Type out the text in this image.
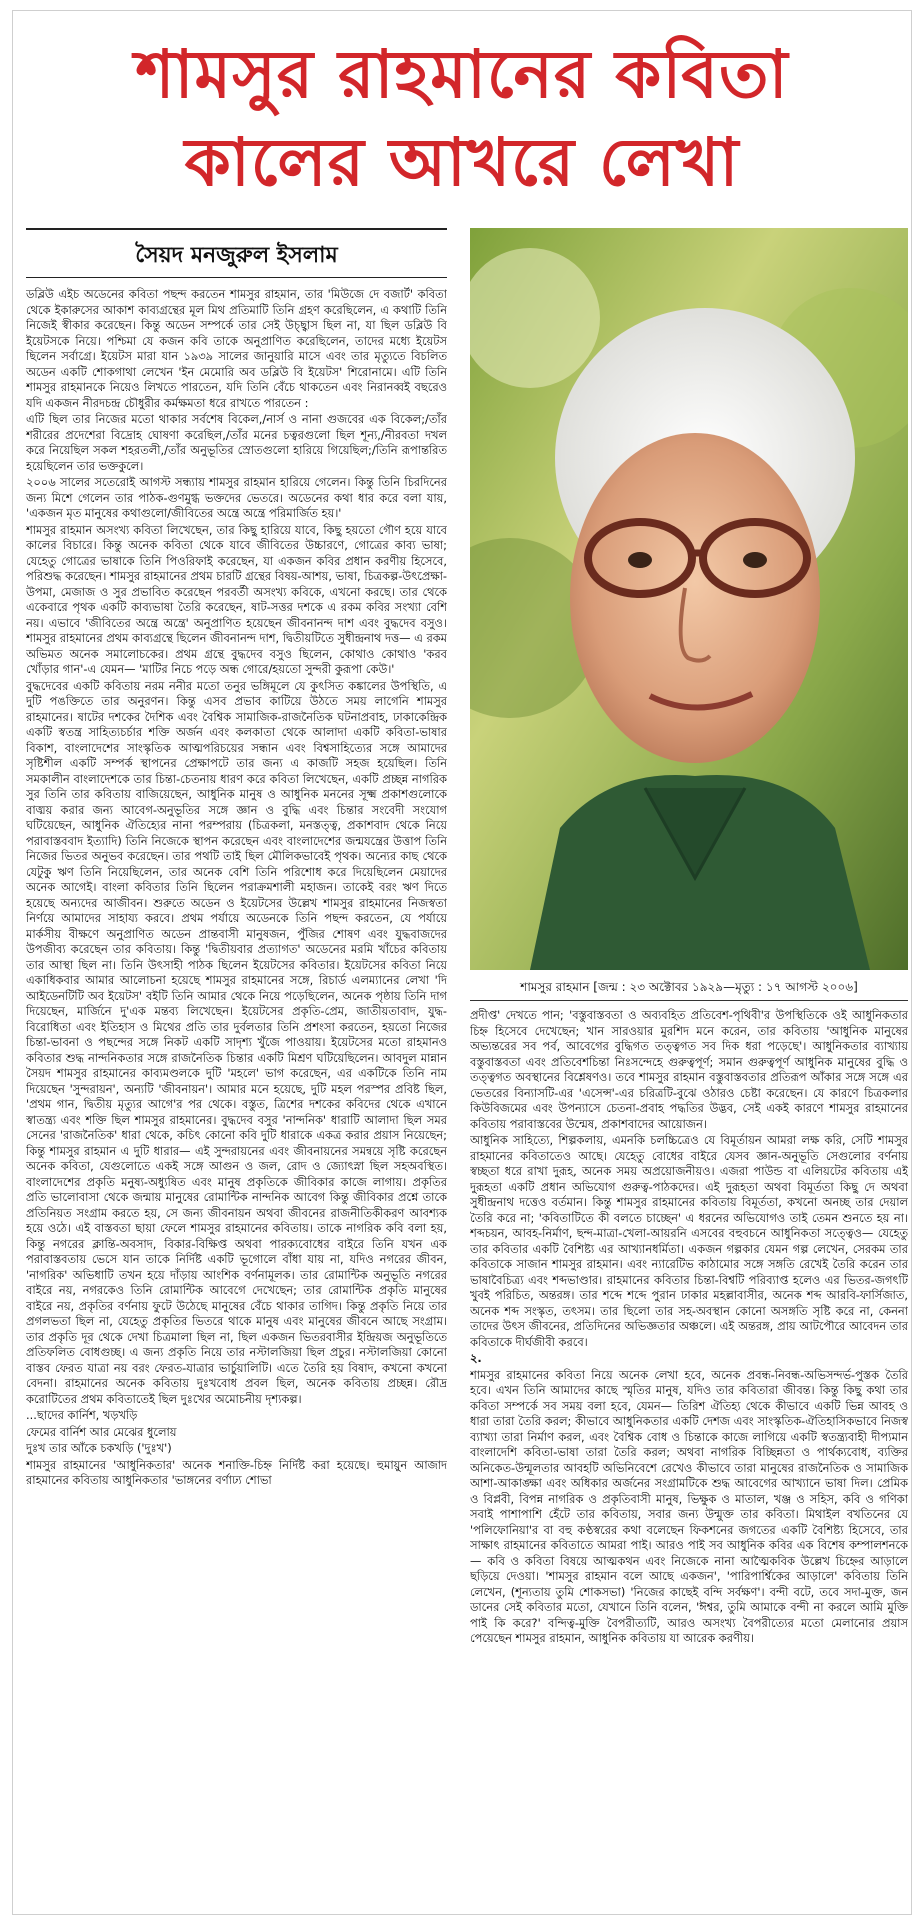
শামসুর রাহমানের কবিতা
কালের আখরে লেখা
সৈয়দ মনজুরুল ইসলাম

ডব্লিউ এইচ অডেনের কবিতা পছন্দ করতেন শামসুর রাহমান, তার 'মিউজে দে বজার্ট' কবিতা থেকে ইকারুসের আকাশ কাব্যগ্রন্থের মূল মিথ প্রতিমাটি তিনি গ্রহণ করেছিলেন, এ কথাটি তিনি নিজেই স্বীকার করেছেন। কিন্তু অডেন সম্পর্কে তার সেই উচ্ছ্বাস ছিল না, যা ছিল ডব্লিউ বি ইয়েটসকে নিয়ে। পশ্চিমা যে কজন কবি তাকে অনুপ্রাণিত করেছিলেন, তাদের মধ্যে ইয়েটস ছিলেন সর্বাগ্রে। ইয়েটস মারা যান ১৯৩৯ সালের জানুয়ারি মাসে এবং তার মৃত্যুতে বিচলিত অডেন একটি শোকগাথা লেখেন 'ইন মেমোরি অব ডব্লিউ বি ইয়েটস' শিরোনামে। এটি তিনি শামসুর রাহমানকে নিয়েও লিখতে পারতেন, যদি তিনি বেঁচে থাকতেন এবং নিরানব্বই বছরেও যদি একজন নীরদচন্দ্র চৌধুরীর কর্মক্ষমতা ধরে রাখতে পারতেন :

এটি ছিল তার নিজের মতো থাকার সর্বশেষ বিকেল,/নার্স ও নানা গুজবের এক বিকেল;/তাঁর শরীরের প্রদেশেরা বিদ্রোহ ঘোষণা করেছিল,/তাঁর মনের চত্বরগুলো ছিল শূন্য,/নীরবতা দখল করে নিয়েছিল সকল শহরতলী,/তাঁর অনুভূতির স্রোতগুলো হারিয়ে গিয়েছিল;/তিনি রূপান্তরিত হয়েছিলেন তার ভক্তকুলে।

২০০৬ সালের সতেরোই আগস্ট সন্ধ্যায় শামসুর রাহমান হারিয়ে গেলেন। কিন্তু তিনি চিরদিনের জন্য মিশে গেলেন তার পাঠক-গুণমুগ্ধ ভক্তদের ভেতরে। অডেনের কথা ধার করে বলা যায়, 'একজন মৃত মানুষের কথাগুলো/জীবিতের অন্ত্রে অন্ত্রে পরিমার্জিত হয়।'

শামসুর রাহমান অসংখ্য কবিতা লিখেছেন, তার কিছু হারিয়ে যাবে, কিছু হয়তো গৌণ হয়ে যাবে কালের বিচারে। কিন্তু অনেক কবিতা থেকে যাবে জীবিতের উচ্চারণে, গোত্রের কাব্য ভাষা; যেহেতু গোত্রের ভাষাকে তিনি পিওরিফাই করেছেন, যা একজন কবির প্রধান করণীয় হিসেবে, পরিশুদ্ধ করেছেন। শামসুর রাহমানের প্রথম চারটি গ্রন্থের বিষয়-আশয়, ভাষা, চিত্রকল্প-উৎপ্রেক্ষা-উপমা, মেজাজ ও সুর প্রভাবিত করেছেন পরবর্তী অসংখ্য কবিকে, এখনো করছে। তার থেকে একেবারে পৃথক একটি কাব্যভাষা তৈরি করেছেন, ষাট-সত্তর দশকে এ রকম কবির সংখ্যা বেশি নয়। এভাবে 'জীবিতের অন্ত্রে অন্ত্রে' অনুপ্রাণিত হয়েছেন জীবনানন্দ দাশ এবং বুদ্ধদেব বসুও। শামসুর রাহমানের প্রথম কাব্যগ্রন্থে ছিলেন জীবনানন্দ দাশ, দ্বিতীয়টিতে সুধীন্দ্রনাথ দত্ত— এ রকম অভিমত অনেক সমালোচকের। প্রথম গ্রন্থে বুদ্ধদেব বসুও ছিলেন, কোথাও কোথাও 'করব খোঁড়ার গান'-এ যেমন— 'মাটির নিচে পড়ে অন্ধ গোরে/হয়তো সুন্দরী কুরূপা কেউ।'

বুদ্ধদেবের একটি কবিতায় নরম ননীর মতো তনুর ভঙ্গিমূলে যে কুৎসিত কঙ্কালের উপস্থিতি, এ দুটি পঙক্তিতে তার অনুরণন। কিন্তু এসব প্রভাব কাটিয়ে উঠতে সময় লাগেনি শামসুর রাহমানের। ষাটের দশকের দৈশিক এবং বৈশ্বিক সামাজিক-রাজনৈতিক ঘটনাপ্রবাহ, ঢাকাকেন্দ্রিক একটি স্বতন্ত্র সাহিত্যচর্চার শক্তি অর্জন এবং কলকাতা থেকে আলাদা একটি কবিতা-ভাষার বিকাশ, বাংলাদেশের সাংস্কৃতিক আত্মপরিচয়ের সন্ধান এবং বিশ্বসাহিত্যের সঙ্গে আমাদের সৃষ্টিশীল একটি সম্পর্ক স্থাপনের প্রেক্ষাপটে তার জন্য এ কাজটি সহজ হয়েছিল। তিনি সমকালীন বাংলাদেশকে তার চিন্তা-চেতনায় ধারণ করে কবিতা লিখেছেন, একটি প্রচ্ছন্ন নাগরিক সুর তিনি তার কবিতায় বাজিয়েছেন, আধুনিক মানুষ ও আধুনিক মননের সূক্ষ্ম প্রকাশগুলোকে বাঙ্ময় করার জন্য আবেগ-অনুভূতির সঙ্গে জ্ঞান ও বুদ্ধি এবং চিন্তার সংবেদী সংযোগ ঘটিয়েছেন, আধুনিক ঐতিহ্যের নানা পরম্পরায় (চিত্রকলা, মনস্তত্ত্ব, প্রকাশবাদ থেকে নিয়ে পরাবাস্তববাদ ইত্যাদি) তিনি নিজেকে স্থাপন করেছেন এবং বাংলাদেশের জন্মযন্ত্রের উত্তাপ তিনি নিজের ভিতর অনুভব করেছেন। তার পথটি তাই ছিল মৌলিকভাবেই পৃথক। অন্যের কাছ থেকে যেটুকু ঋণ তিনি নিয়েছিলেন, তার অনেক বেশি তিনি পরিশোধ করে দিয়েছিলেন মেয়াদের অনেক আগেই। বাংলা কবিতার তিনি ছিলেন পরাক্রমশালী মহাজন। তাকেই বরং ঋণ দিতে হয়েছে অন্যদের আজীবন। শুরুতে অডেন ও ইয়েটসের উল্লেখ শামসুর রাহমানের নিজস্বতা নির্ণয়ে আমাদের সাহায্য করবে। প্রথম পর্যায়ে অডেনকে তিনি পছন্দ করতেন, যে পর্যায়ে মার্কসীয় বীক্ষণে অনুপ্রাণিত অডেন প্রান্তবাসী মানুষজন, পুঁজির শোষণ এবং যুদ্ধবাজদের উপজীব্য করেছেন তার কবিতায়। কিন্তু 'দ্বিতীয়বার প্রত্যাগত' অডেনের মরমি খাঁচের কবিতায় তার আস্থা ছিল না। তিনি উৎসাহী পাঠক ছিলেন ইয়েটসের কবিতার। ইয়েটসের কবিতা নিয়ে একাধিকবার আমার আলোচনা হয়েছে শামসুর রাহমানের সঙ্গে, রিচার্ড এলম্যানের লেখা 'দি আইডেনটিটি অব ইয়েটস' বইটি তিনি আমার থেকে নিয়ে পড়েছিলেন, অনেক পৃষ্ঠায় তিনি দাগ দিয়েছেন, মার্জিনে দু'এক মন্তব্য লিখেছেন। ইয়েটসের প্রকৃতি-প্রেম, জাতীয়তাবাদ, যুদ্ধ-বিরোধিতা এবং ইতিহাস ও মিথের প্রতি তার দুর্বলতার তিনি প্রশংসা করতেন, হয়তো নিজের চিন্তা-ভাবনা ও পছন্দের সঙ্গে নিকট একটি সাদৃশ্য খুঁজে পাওয়ায়। ইয়েটসের মতো রাহমানও কবিতার শুদ্ধ নান্দনিকতার সঙ্গে রাজনৈতিক চিন্তার একটি মিশ্রণ ঘটিয়েছিলেন। আবদুল মান্নান সৈয়দ শামসুর রাহমানের কাব্যমণ্ডলকে দুটি 'মহলে' ভাগ করেছেন, এর একটিকে তিনি নাম দিয়েছেন 'সুন্দরায়ন', অন্যটি 'জীবনায়ন'। আমার মনে হয়েছে, দুটি মহল পরস্পর প্রবিষ্ট ছিল, 'প্রথম গান, দ্বিতীয় মৃত্যুর আগে'র পর থেকে। বস্তুত, ত্রিশের দশকের কবিদের থেকে এখানে স্বাতন্ত্র্য এবং শক্তি ছিল শামসুর রাহমানের। বুদ্ধদেব বসুর 'নান্দনিক' ধারাটি আলাদা ছিল সমর সেনের 'রাজনৈতিক' ধারা থেকে, কচিৎ কোনো কবি দুটি ধারাকে একত্র করার প্রয়াস নিয়েছেন; কিন্তু শামসুর রাহমান এ দুটি ধারার— এই সুন্দরায়নের এবং জীবনায়নের সমন্বয়ে সৃষ্টি করেছেন অনেক কবিতা, যেগুলোতে একই সঙ্গে আগুন ও জল, রোদ ও জ্যোৎস্না ছিল সহঅবস্থিত। বাংলাদেশের প্রকৃতি মনুষ্য-অধ্যুষিত এবং মানুষ প্রকৃতিকে জীবিকার কাজে লাগায়। প্রকৃতির প্রতি ভালোবাসা থেকে জন্মায় মানুষের রোমান্টিক নান্দনিক আবেগ কিন্তু জীবিকার প্রশ্নে তাকে প্রতিনিয়ত সংগ্রাম করতে হয়, সে জন্য জীবনায়ন অথবা জীবনের রাজনীতিকীকরণ আবশ্যক হয়ে ওঠে। এই বাস্তবতা ছায়া ফেলে শামসুর রাহমানের কবিতায়। তাকে নাগরিক কবি বলা হয়, কিন্তু নগরের ক্লান্তি-অবসাদ, বিকার-বিক্ষিপ্ত অথবা পারক্যবোধের বাইরে তিনি যখন এক পরাবাস্তবতায় ভেসে যান তাকে নির্দিষ্ট একটি ভূগোলে বাঁধা যায় না, যদিও নগরের জীবন, 'নাগরিক' অভিধাটি তখন হয়ে দাঁড়ায় আংশিক বর্ণনামূলক। তার রোমান্টিক অনুভূতি নগরের বাইরে নয়, নগরকেও তিনি রোমান্টিক আবেগে দেখেছেন; তার রোমান্টিক প্রকৃতি মানুষের বাইরে নয়, প্রকৃতির বর্ণনায় ফুটে উঠেছে মানুষের বেঁচে থাকার তাগিদ। কিন্তু প্রকৃতি নিয়ে তার প্রগলভতা ছিল না, যেহেতু প্রকৃতির ভিতরে থাকে মানুষ এবং মানুষের জীবনে আছে সংগ্রাম। তার প্রকৃতি দূর থেকে দেখা চিত্রমালা ছিল না, ছিল একজন ভিতরবাসীর ইন্দ্রিয়জ অনুভূতিতে প্রতিফলিত বোধগুচ্ছ। এ জন্য প্রকৃতি নিয়ে তার নস্টালজিয়া ছিল প্রচুর। নস্টালজিয়া কোনো বাস্তব ফেরত যাত্রা নয় বরং ফেরত-যাত্রার ভার্চুয়ালিটি। এতে তৈরি হয় বিষাদ, কখনো কখনো বেদনা। রাহমানের অনেক কবিতায় দুঃখবোধ প্রবল ছিল, অনেক কবিতায় প্রচ্ছন্ন। রৌদ্র করোটিতের প্রথম কবিতাতেই ছিল দুঃখের অমোচনীয় দৃশ্যকল্প।

...ছাদের কার্নিশ, খড়খড়ি

ফেমের বার্নিশ আর মেঝের ধুলোয়

দুঃখ তার আঁকে চকখড়ি ('দুঃখ')

শামসুর রাহমানের 'আধুনিকতার' অনেক শনাক্তি-চিহ্ন নির্দিষ্ট করা হয়েছে। হুমায়ুন আজাদ রাহমানের কবিতায় আধুনিকতার 'ভাঙ্গনের বর্ণাঢ্য শোভা

শামসুর রাহমান [জন্ম : ২৩ অক্টোবর ১৯২৯—মৃত্যু : ১৭ আগস্ট ২০০৬]

প্রদীপ্ত' দেখতে পান; 'বস্তুবাস্তবতা ও অব্যবহিত প্রতিবেশ-পৃথিবী'র উপস্থিতিকে ওই আধুনিকতার চিহ্ন হিসেবে দেখেছেন; খান সারওয়ার মুরশিদ মনে করেন, তার কবিতায় 'আধুনিক মানুষের অভ্যন্তরের সব পর্ব, আবেগের বুদ্ধিগত তত্ত্বগত সব দিক ধরা পড়েছে'। আধুনিকতার ব্যাখ্যায় বস্তুবাস্তবতা এবং প্রতিবেশচিন্তা নিঃসন্দেহে গুরুত্বপূর্ণ; সমান গুরুত্বপূর্ণ আধুনিক মানুষের বুদ্ধি ও তত্ত্বগত অবস্থানের বিশ্লেষণও। তবে শামসুর রাহমান বস্তুবাস্তবতার প্রতিরূপ আঁকার সঙ্গে সঙ্গে এর ভেতরের বিন্যাসটি-এর 'এসেন্স'-এর চরিত্রটি-বুঝে ওঠারও চেষ্টা করেছেন। যে কারণে চিত্রকলার কিউবিজমের এবং উপন্যাসে চেতনা-প্রবাহ পদ্ধতির উদ্ভব, সেই একই কারণে শামসুর রাহমানের কবিতায় পরাবাস্তবের উন্মেষ, প্রকাশবাদের আয়োজন।

আধুনিক সাহিত্যে, শিল্পকলায়, এমনকি চলচ্চিত্রেও যে বিমূর্তায়ন আমরা লক্ষ করি, সেটি শামসুর রাহমানের কবিতাতেও আছে। যেহেতু বোধের বাইরে যেসব জ্ঞান-অনুভূতি সেগুলোর বর্ণনায় স্বচ্ছতা ধরে রাখা দুরূহ, অনেক সময় অপ্রয়োজনীয়ও। এজরা পাউন্ড বা এলিয়টের কবিতায় এই দুরূহতা একটি প্রধান অভিযোগ গুরুত্ব-পাঠকদের। এই দুরূহতা অথবা বিমূর্ততা কিছু দে অথবা সুধীন্দ্রনাথ দত্তেও বর্তমান। কিন্তু শামসুর রাহমানের কবিতায় বিমূর্ততা, কখনো অনচ্ছ তার দেয়াল তৈরি করে না; 'কবিতাটিতে কী বলতে চাচ্ছেন' এ ধরনের অভিযোগও তাই তেমন শুনতে হয় না। শব্দচয়ন, আবহ-নির্মাণ, ছন্দ-মাত্রা-খেলা-আয়রনি এসবের বহুবচনে আধুনিকতা সত্ত্বেও— যেহেতু তার কবিতার একটি বৈশিষ্ট্য এর আখ্যানধর্মিতা। একজন গল্পকার যেমন গল্প লেখেন, সেরকম তার কবিতাকে সাজান শামসুর রাহমান। এবং ন্যারেটিভ কাঠামোর সঙ্গে সঙ্গতি রেখেই তৈরি করেন তার ভাষাবৈচিত্র্য এবং শব্দভাণ্ডার। রাহমানের কবিতার চিন্তা-বিশ্বটি পরিব্যাপ্ত হলেও এর ভিতর-জগৎটি খুবই পরিচিত, অন্তরঙ্গ। তার শব্দে শব্দে পুরান ঢাকার মহল্লাবাসীর, অনেক শব্দ আরবি-ফার্সিজাত, অনেক শব্দ সংস্কৃত, তৎসম। তার ছিলো তার সহ-অবস্থান কোনো অসঙ্গতি সৃষ্টি করে না, কেননা তাদের উৎস জীবনের, প্রতিদিনের অভিজ্ঞতার অঞ্চলে। এই অন্তরঙ্গ, প্রায় আটপৌরে আবেদন তার কবিতাকে দীর্ঘজীবী করবে।

২.

শামসুর রাহমানের কবিতা নিয়ে অনেক লেখা হবে, অনেক প্রবন্ধ-নিবন্ধ-অভিসন্দর্ভ-পুস্তক তৈরি হবে। এখন তিনি আমাদের কাছে স্মৃতির মানুষ, যদিও তার কবিতারা জীবন্ত। কিন্তু কিছু কথা তার কবিতা সম্পর্কে সব সময় বলা হবে, যেমন— তিরিশ ঐতিহ্য থেকে কীভাবে একটি ভিন্ন আবহ ও ধারা তারা তৈরি করল; কীভাবে আধুনিকতার একটি দেশজ এবং সাংস্কৃতিক-ঐতিহাসিকভাবে নিজস্ব ব্যাখ্যা তারা নির্মাণ করল, এবং বৈশ্বিক বোধ ও চিন্তাকে কাজে লাগিয়ে একটি স্বতন্ত্র্যবাহী দীপ্যমান বাংলাদেশি কবিতা-ভাষা তারা তৈরি করল; অথবা নাগরিক বিচ্ছিন্নতা ও পার্থক্যবোধ, ব্যক্তির অনিকেত-উন্মূলতার আবহটি অভিনিবেশে রেখেও কীভাবে তারা মানুষের রাজনৈতিক ও সামাজিক আশা-আকাঙ্ক্ষা এবং অধিকার অর্জনের সংগ্রামটিকে শুদ্ধ আবেগের আখ্যানে ভাষা দিল। প্রেমিক ও বিপ্লবী, বিপন্ন নাগরিক ও প্রকৃতিবাসী মানুষ, ভিক্ষুক ও মাতাল, খঞ্জ ও সহিস, কবি ও গণিকা সবাই পাশাপাশি হেঁটে তার কবিতায়, সবার জন্য উন্মুক্ত তার কবিতা। মিথাইল বখতিনের যে 'পলিফোনিয়া'র বা বহু কণ্ঠস্বরের কথা বলেছেন ফিকশনের জগতের একটি বৈশিষ্ট্য হিসেবে, তার সাক্ষাৎ রাহমানের কবিতাতে আমরা পাই। আরও পাই সব আধুনিক কবির এক বিশেষ কম্পালশনকে— কবি ও কবিতা বিষয়ে আত্মকথন এবং নিজেকে নানা আত্মৈকবিক উল্লেখ চিহ্নের আড়ালে ছড়িয়ে দেওয়া। 'শামসুর রাহমান বলে আছে একজন', 'পারিপার্শ্বিকের আড়ালে' কবিতায় তিনি লেখেন, (শূন্যতায় তুমি শোকসভা) 'নিজের কাছেই বন্দি সর্বক্ষণ'। বন্দী বটে, তবে সদা-মুক্ত, জন ডানের সেই কবিতার মতো, যেখানে তিনি বলেন, 'ঈশ্বর, তুমি আমাকে বন্দী না করলে আমি মুক্তি পাই কি করে?' বন্দিত্ব-মুক্তি বৈপরীত্যটি, আরও অসংখ্য বৈপরীত্যের মতো মেলানোর প্রয়াস পেয়েছেন শামসুর রাহমান, আধুনিক কবিতায় যা আরেক করণীয়।
